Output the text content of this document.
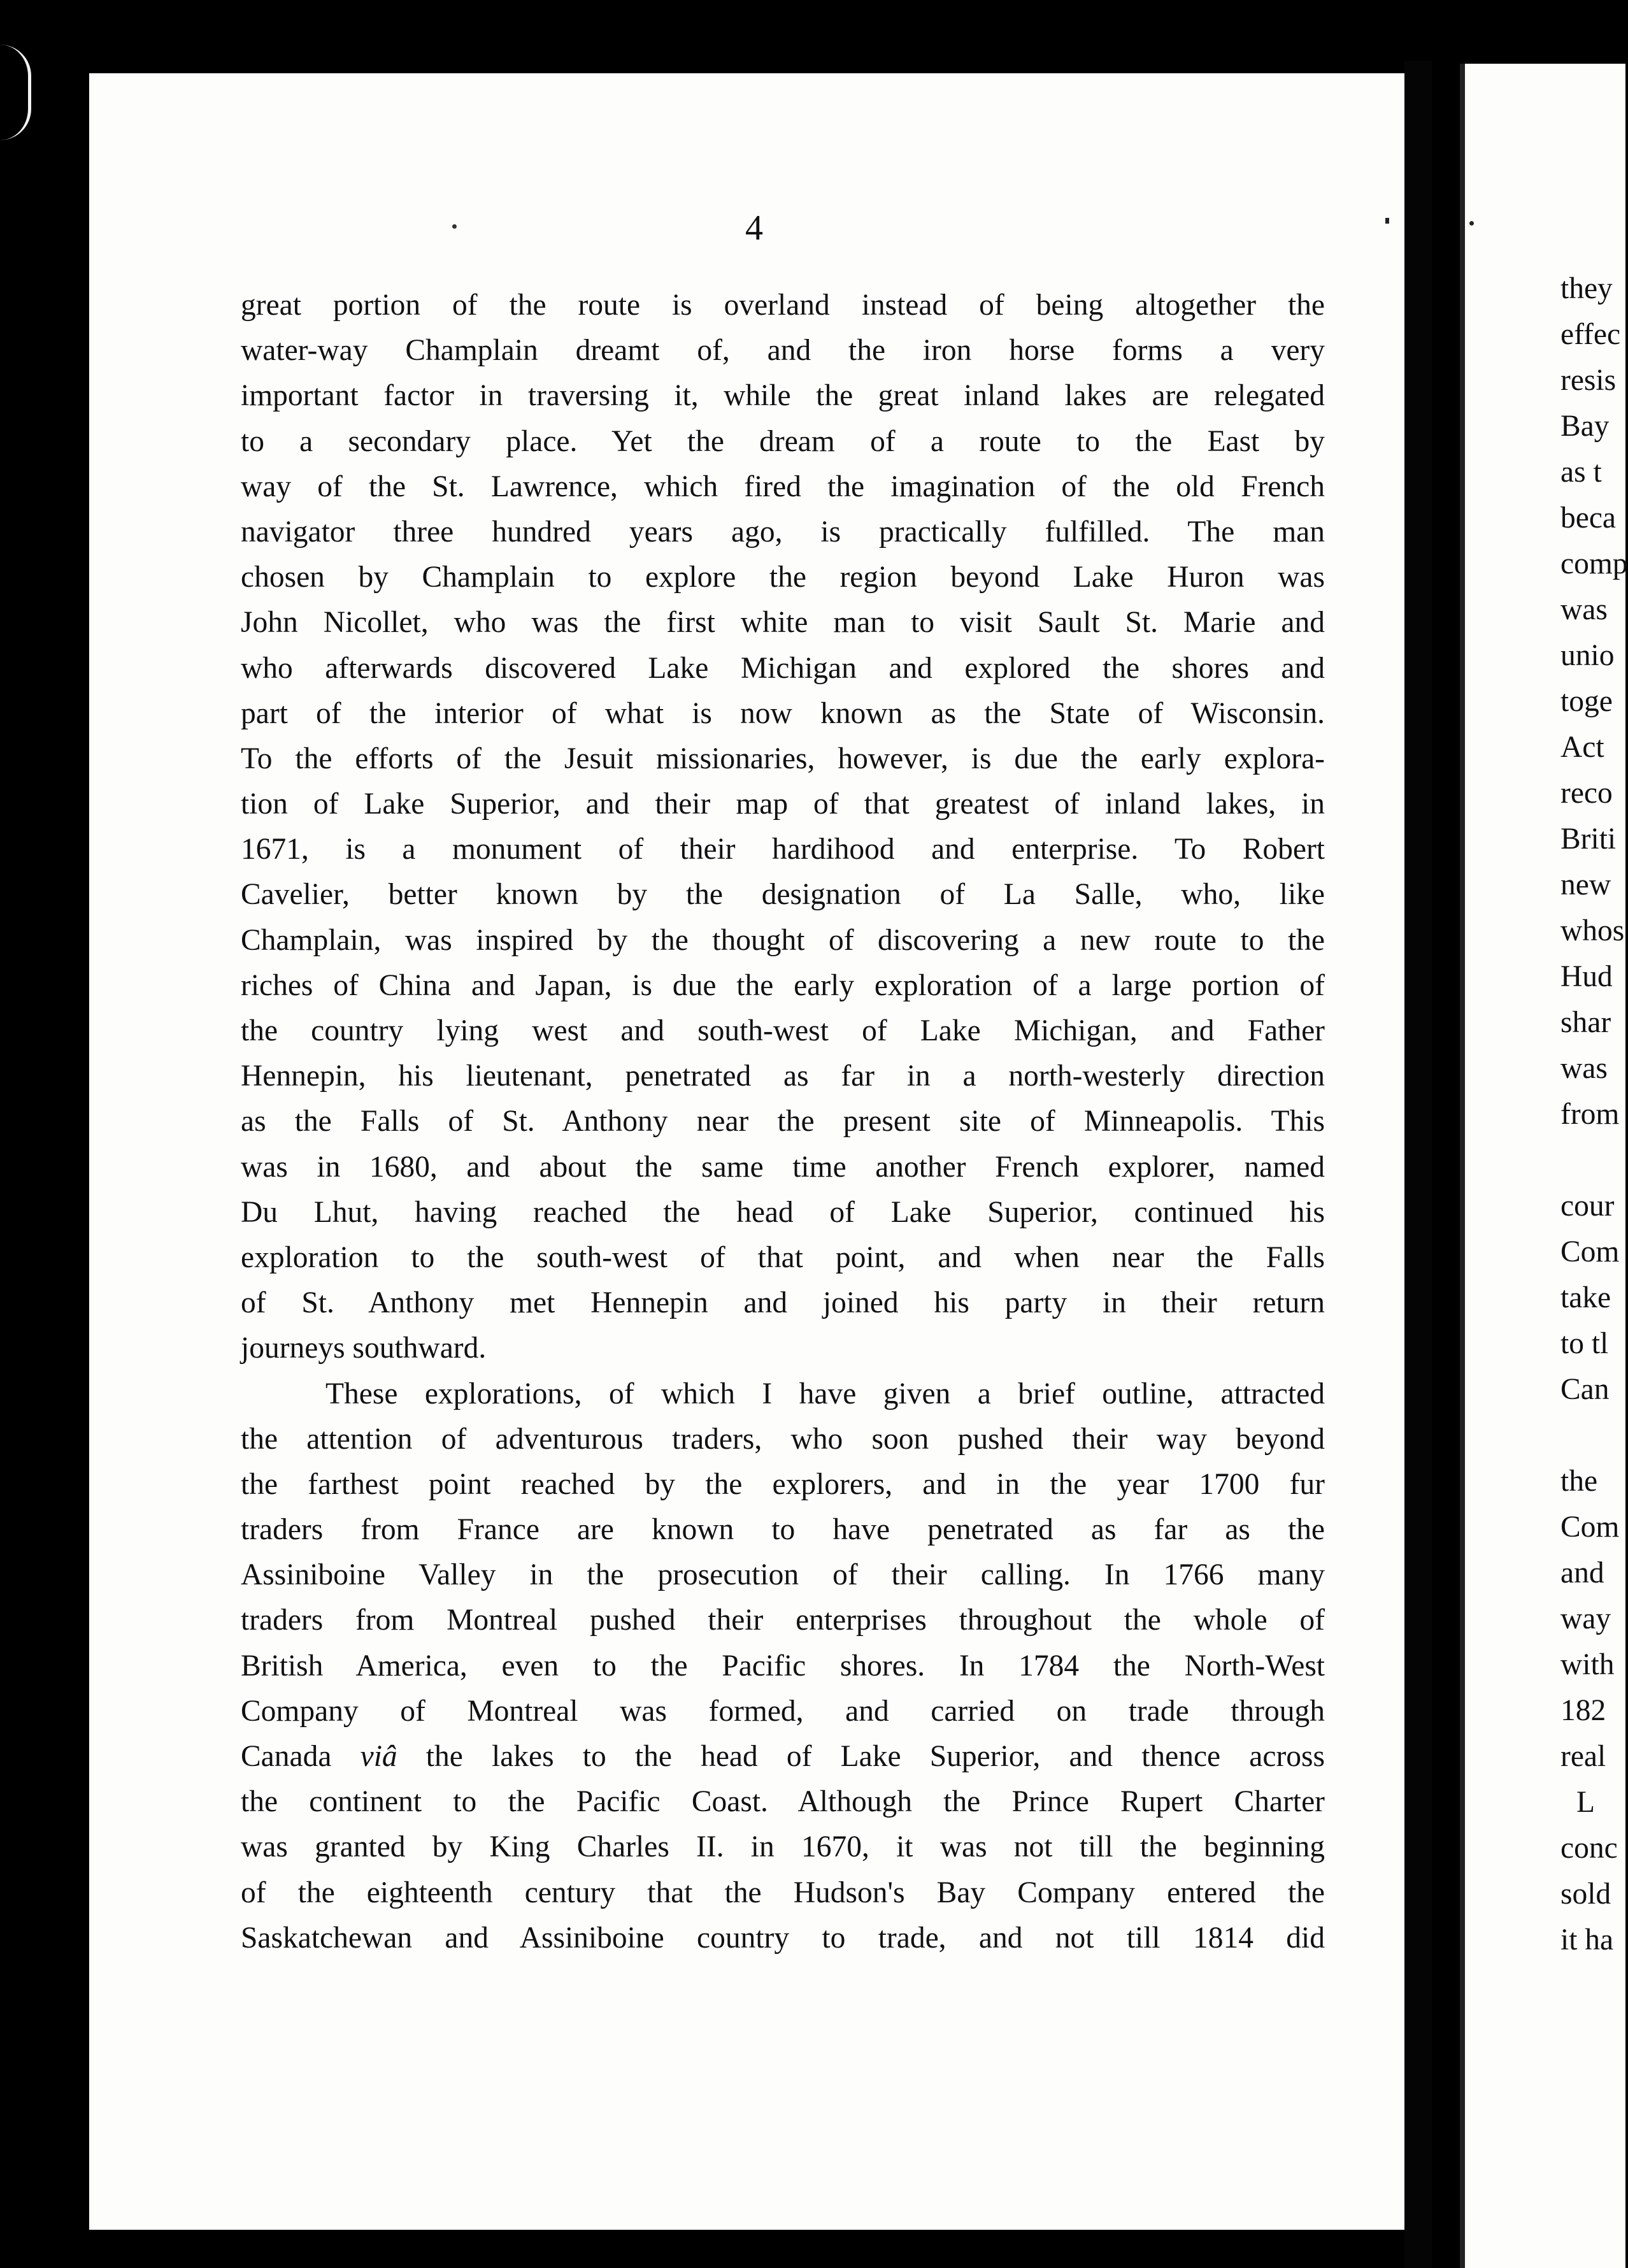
4
great portion of the route is overland instead of being altogether the
water-way Champlain dreamt of, and the iron horse forms a very
important factor in traversing it, while the great inland lakes are relegated
to a secondary place. Yet the dream of a route to the East by
way of the St. Lawrence, which fired the imagination of the old French
navigator three hundred years ago, is practically fulfilled. The man
chosen by Champlain to explore the region beyond Lake Huron was
John Nicollet, who was the first white man to visit Sault St. Marie and
who afterwards discovered Lake Michigan and explored the shores and
part of the interior of what is now known as the State of Wisconsin.
To the efforts of the Jesuit missionaries, however, is due the early explora-
tion of Lake Superior, and their map of that greatest of inland lakes, in
1671, is a monument of their hardihood and enterprise. To Robert
Cavelier, better known by the designation of La Salle, who, like
Champlain, was inspired by the thought of discovering a new route to the
riches of China and Japan, is due the early exploration of a large portion of
the country lying west and south-west of Lake Michigan, and Father
Hennepin, his lieutenant, penetrated as far in a north-westerly direction
as the Falls of St. Anthony near the present site of Minneapolis. This
was in 1680, and about the same time another French explorer, named
Du Lhut, having reached the head of Lake Superior, continued his
exploration to the south-west of that point, and when near the Falls
of St. Anthony met Hennepin and joined his party in their return
journeys southward.
These explorations, of which I have given a brief outline, attracted
the attention of adventurous traders, who soon pushed their way beyond
the farthest point reached by the explorers, and in the year 1700 fur
traders from France are known to have penetrated as far as the
Assiniboine Valley in the prosecution of their calling. In 1766 many
traders from Montreal pushed their enterprises throughout the whole of
British America, even to the Pacific shores. In 1784 the North-West
Company of Montreal was formed, and carried on trade through
Canada viâ the lakes to the head of Lake Superior, and thence across
the continent to the Pacific Coast. Although the Prince Rupert Charter
was granted by King Charles II. in 1670, it was not till the beginning
of the eighteenth century that the Hudson's Bay Company entered the
Saskatchewan and Assiniboine country to trade, and not till 1814 did
they
effec
resis
Bay
as t
beca
comp
was
unio
toge
Act
reco
Briti
new
whos
Hud
shar
was
from
cour
Com
take
to tl
Can
the
Com
and
way
with
182
real
L
conc
sold
it ha
